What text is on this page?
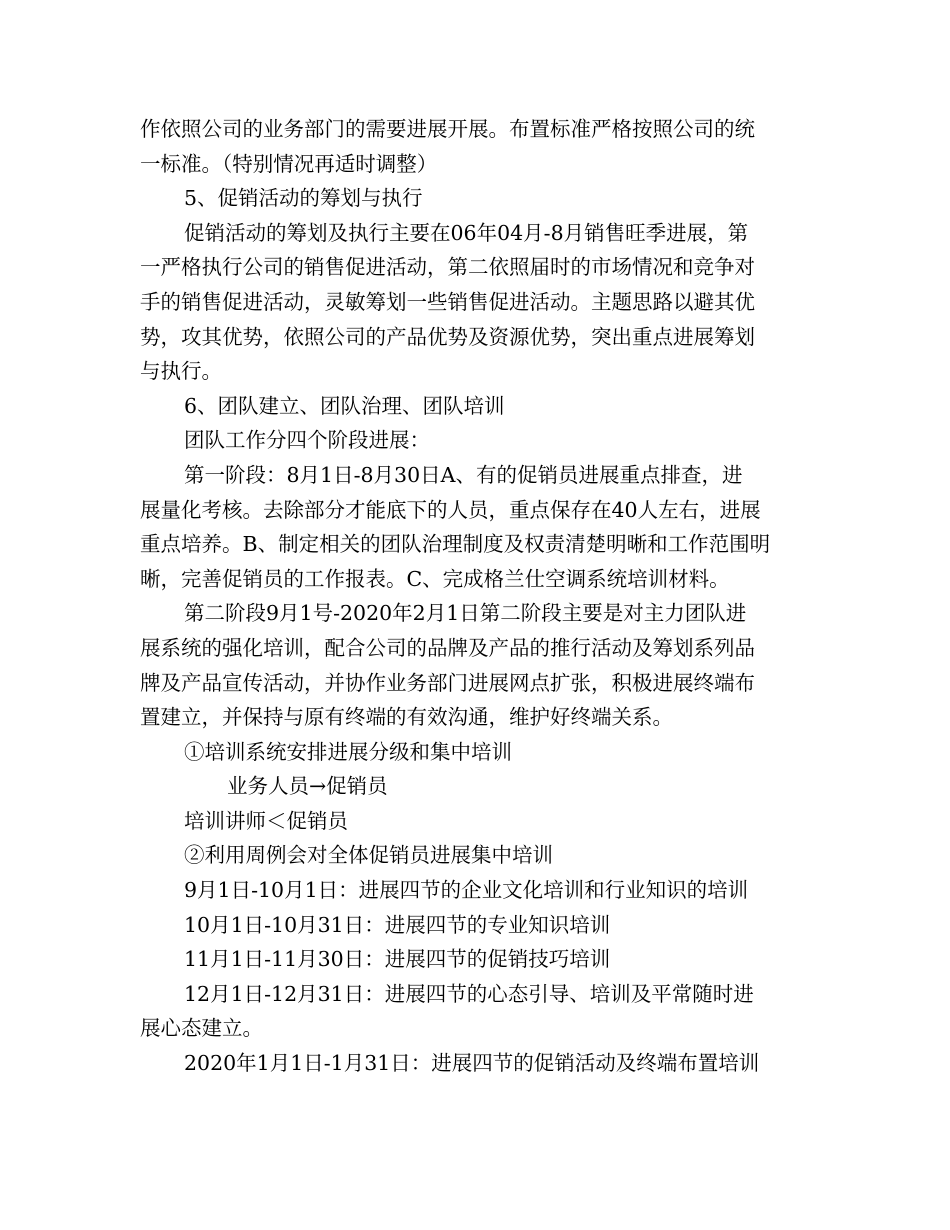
作依照公司的业务部门的需要进展开展。布置标准严格按照公司的统
一标准。（特别情况再适时调整）
5、促销活动的筹划与执行
促销活动的筹划及执行主要在06年04月-8月销售旺季进展，第
一严格执行公司的销售促进活动，第二依照届时的市场情况和竞争对
手的销售促进活动，灵敏筹划一些销售促进活动。主题思路以避其优
势，攻其优势，依照公司的产品优势及资源优势，突出重点进展筹划
与执行。
6、团队建立、团队治理、团队培训
团队工作分四个阶段进展：
第一阶段：8月1日-8月30日A、有的促销员进展重点排查，进
展量化考核。去除部分才能底下的人员，重点保存在40人左右，进展
重点培养。B、制定相关的团队治理制度及权责清楚明晰和工作范围明
晰，完善促销员的工作报表。C、完成格兰仕空调系统培训材料。
第二阶段9月1号-2020年2月1日第二阶段主要是对主力团队进
展系统的强化培训，配合公司的品牌及产品的推行活动及筹划系列品
牌及产品宣传活动，并协作业务部门进展网点扩张，积极进展终端布
置建立，并保持与原有终端的有效沟通，维护好终端关系。
①培训系统安排进展分级和集中培训
业务人员→促销员
培训讲师＜促销员
②利用周例会对全体促销员进展集中培训
9月1日-10月1日：进展四节的企业文化培训和行业知识的培训
10月1日-10月31日：进展四节的专业知识培训
11月1日-11月30日：进展四节的促销技巧培训
12月1日-12月31日：进展四节的心态引导、培训及平常随时进
展心态建立。
2020年1月1日-1月31日：进展四节的促销活动及终端布置培训
